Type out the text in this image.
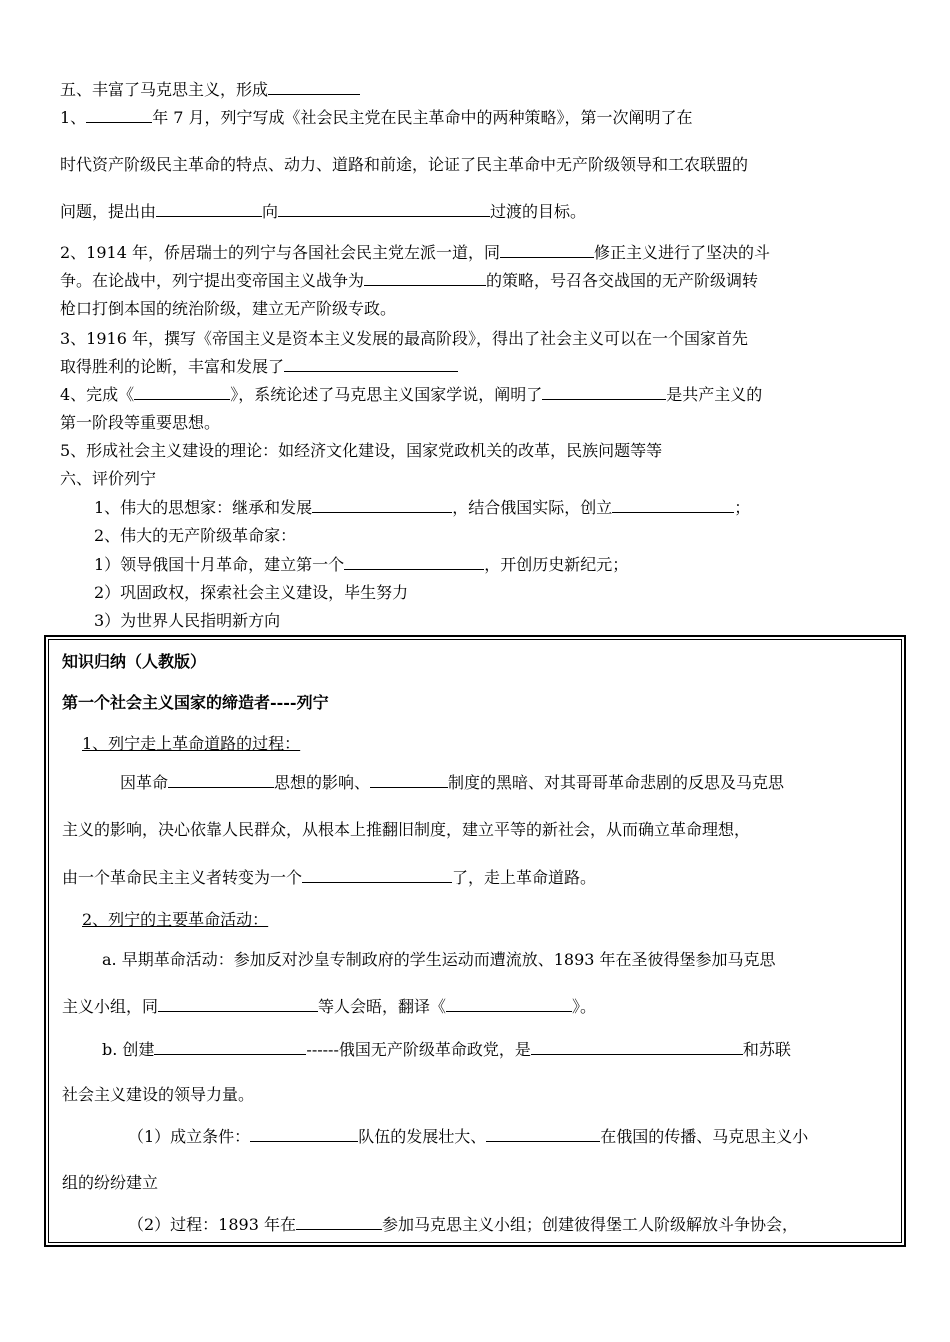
五、丰富了马克思主义，形成
1、	年 7 月，列宁写成《社会民主党在民主革命中的两种策略》，第一次阐明了在
时代资产阶级民主革命的特点、动力、道路和前途，论证了民主革命中无产阶级领导和工农联盟的
问题，提出由	向	过渡的目标。
2、1914 年，侨居瑞士的列宁与各国社会民主党左派一道，同	修正主义进行了坚决的斗
争。在论战中，列宁提出变帝国主义战争为	的策略，号召各交战国的无产阶级调转
枪口打倒本国的统治阶级，建立无产阶级专政。
3、1916 年，撰写《帝国主义是资本主义发展的最高阶段》，得出了社会主义可以在一个国家首先
取得胜利的论断，丰富和发展了
4、完成《	》，系统论述了马克思主义国家学说，阐明了	是共产主义的
第一阶段等重要思想。
5、形成社会主义建设的理论：如经济文化建设，国家党政机关的改革，民族问题等等
六、评价列宁
1、伟大的思想家：继承和发展	，结合俄国实际，创立	；
2、伟大的无产阶级革命家：
1）领导俄国十月革命，建立第一个	，开创历史新纪元；
2）巩固政权，探索社会主义建设，毕生努力
3）为世界人民指明新方向
知识归纳（人教版）
第一个社会主义国家的缔造者----列宁
1、列宁走上革命道路的过程：
因革命	思想的影响、	制度的黑暗、对其哥哥革命悲剧的反思及马克思
主义的影响，决心依靠人民群众，从根本上推翻旧制度，建立平等的新社会，从而确立革命理想，
由一个革命民主主义者转变为一个	了，走上革命道路。
2、列宁的主要革命活动：
a. 早期革命活动：参加反对沙皇专制政府的学生运动而遭流放、1893 年在圣彼得堡参加马克思
主义小组，同	等人会晤，翻译《	》。
b. 创建	------俄国无产阶级革命政党，是	和苏联
社会主义建设的领导力量。
（1）成立条件：	队伍的发展壮大、	在俄国的传播、马克思主义小
组的纷纷建立
（2）过程：1893 年在	参加马克思主义小组；创建彼得堡工人阶级解放斗争协会，
